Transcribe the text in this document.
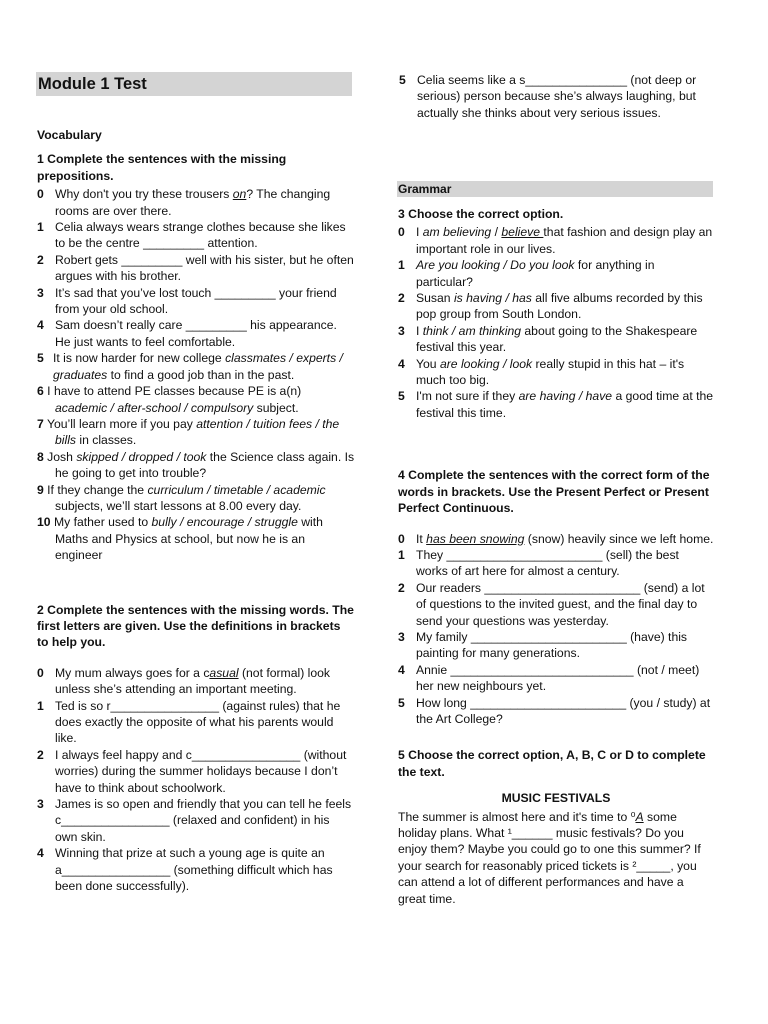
Module 1 Test
Vocabulary
1 Complete the sentences with the missing prepositions.
0 Why don't you try these trousers on? The changing rooms are over there.
1 Celia always wears strange clothes because she likes to be the centre _________ attention.
2 Robert gets _________ well with his sister, but he often argues with his brother.
3 It’s sad that you’ve lost touch _________ your friend from your old school.
4 Sam doesn’t really care _________ his appearance. He just wants to feel comfortable.
5 It is now harder for new college classmates / experts / graduates to find a good job than in the past.
6 I have to attend PE classes because PE is a(n) academic / after-school / compulsory subject.
7 You’ll learn more if you pay attention / tuition fees / the bills in classes.
8 Josh skipped / dropped / took the Science class again. Is he going to get into trouble?
9 If they change the curriculum / timetable / academic subjects, we’ll start lessons at 8.00 every day.
10 My father used to bully / encourage / struggle with Maths and Physics at school, but now he is an engineer
2 Complete the sentences with the missing words. The first letters are given. Use the definitions in brackets to help you.
0 My mum always goes for a casual (not formal) look unless she’s attending an important meeting.
1 Ted is so r________________ (against rules) that he does exactly the opposite of what his parents would like.
2 I always feel happy and c________________ (without worries) during the summer holidays because I don’t have to think about schoolwork.
3 James is so open and friendly that you can tell he feels c________________ (relaxed and confident) in his own skin.
4 Winning that prize at such a young age is quite an a________________ (something difficult which has been done successfully).
5 Celia seems like a s_______________ (not deep or serious) person because she’s always laughing, but actually she thinks about very serious issues.
Grammar
3 Choose the correct option.
0 I am believing / believe that fashion and design play an important role in our lives.
1 Are you looking / Do you look for anything in particular?
2 Susan is having / has all five albums recorded by this pop group from South London.
3 I think / am thinking about going to the Shakespeare festival this year.
4 You are looking / look really stupid in this hat – it's much too big.
5 I'm not sure if they are having / have a good time at the festival this time.
4 Complete the sentences with the correct form of the words in brackets. Use the Present Perfect or Present Perfect Continuous.
0 It has been snowing (snow) heavily since we left home.
1 They _______________________ (sell) the best works of art here for almost a century.
2 Our readers _______________________ (send) a lot of questions to the invited guest, and the final day to send your questions was yesterday.
3 My family _______________________ (have) this painting for many generations.
4 Annie ___________________________ (not / meet) her new neighbours yet.
5 How long _______________________ (you / study) at the Art College?
5 Choose the correct option, A, B, C or D to complete the text.
MUSIC FESTIVALS
The summer is almost here and it's time to ⁰A some holiday plans. What ¹______ music festivals? Do you enjoy them? Maybe you could go to one this summer? If your search for reasonably priced tickets is ²_____, you can attend a lot of different performances and have a great time.
